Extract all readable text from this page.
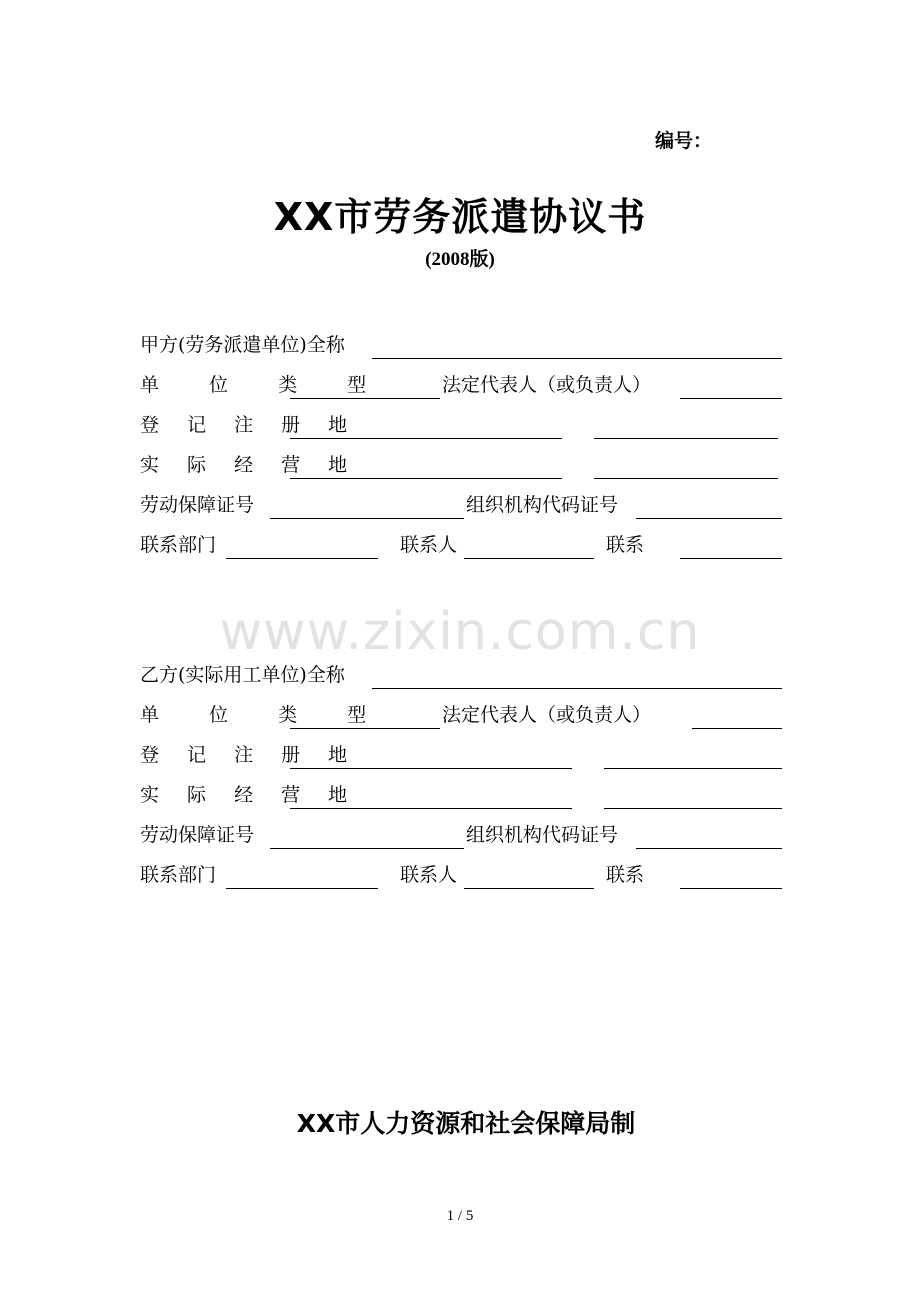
编号：
XX市劳务派遣协议书
(2008版)
www.zixin.com.cn
甲方(劳务派遣单位)全称
单 位 类 型	法定代表人（或负责人）
登 记 注 册 地
实 际 经 营 地
劳动保障证号	组织机构代码证号
联系部门	联系人	联系
乙方(实际用工单位)全称
单 位 类 型	法定代表人（或负责人）
登 记 注 册 地
实 际 经 营 地
劳动保障证号	组织机构代码证号
联系部门	联系人	联系
XX市人力资源和社会保障局制
1 / 5
